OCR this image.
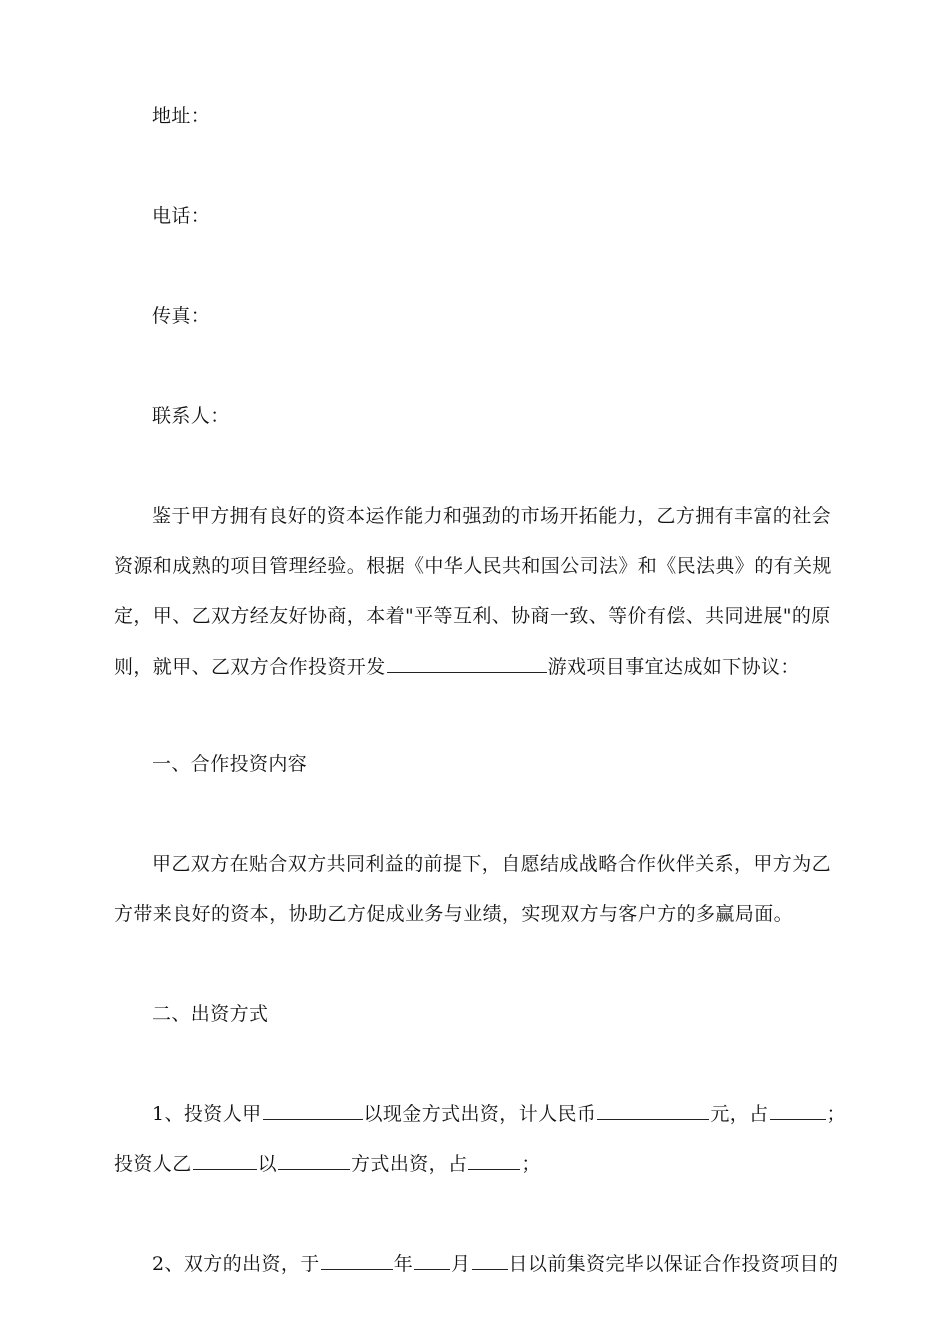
地址：
电话：
传真：
联系人：
鉴于甲方拥有良好的资本运作能力和强劲的市场开拓能力，乙方拥有丰富的社会
资源和成熟的项目管理经验。根据《中华人民共和国公司法》和《民法典》的有关规
定，甲、乙双方经友好协商，本着"平等互利、协商一致、等价有偿、共同进展"的原
则，就甲、乙双方合作投资开发	游戏项目事宜达成如下协议：
一、合作投资内容
甲乙双方在贴合双方共同利益的前提下，自愿结成战略合作伙伴关系，甲方为乙
方带来良好的资本，协助乙方促成业务与业绩，实现双方与客户方的多赢局面。
二、出资方式
1、投资人甲	以现金方式出资，计人民币	元，占	；
投资人乙	以	方式出资，占	；
2、双方的出资，于	年 月 日以前集资完毕以保证合作投资项目的
